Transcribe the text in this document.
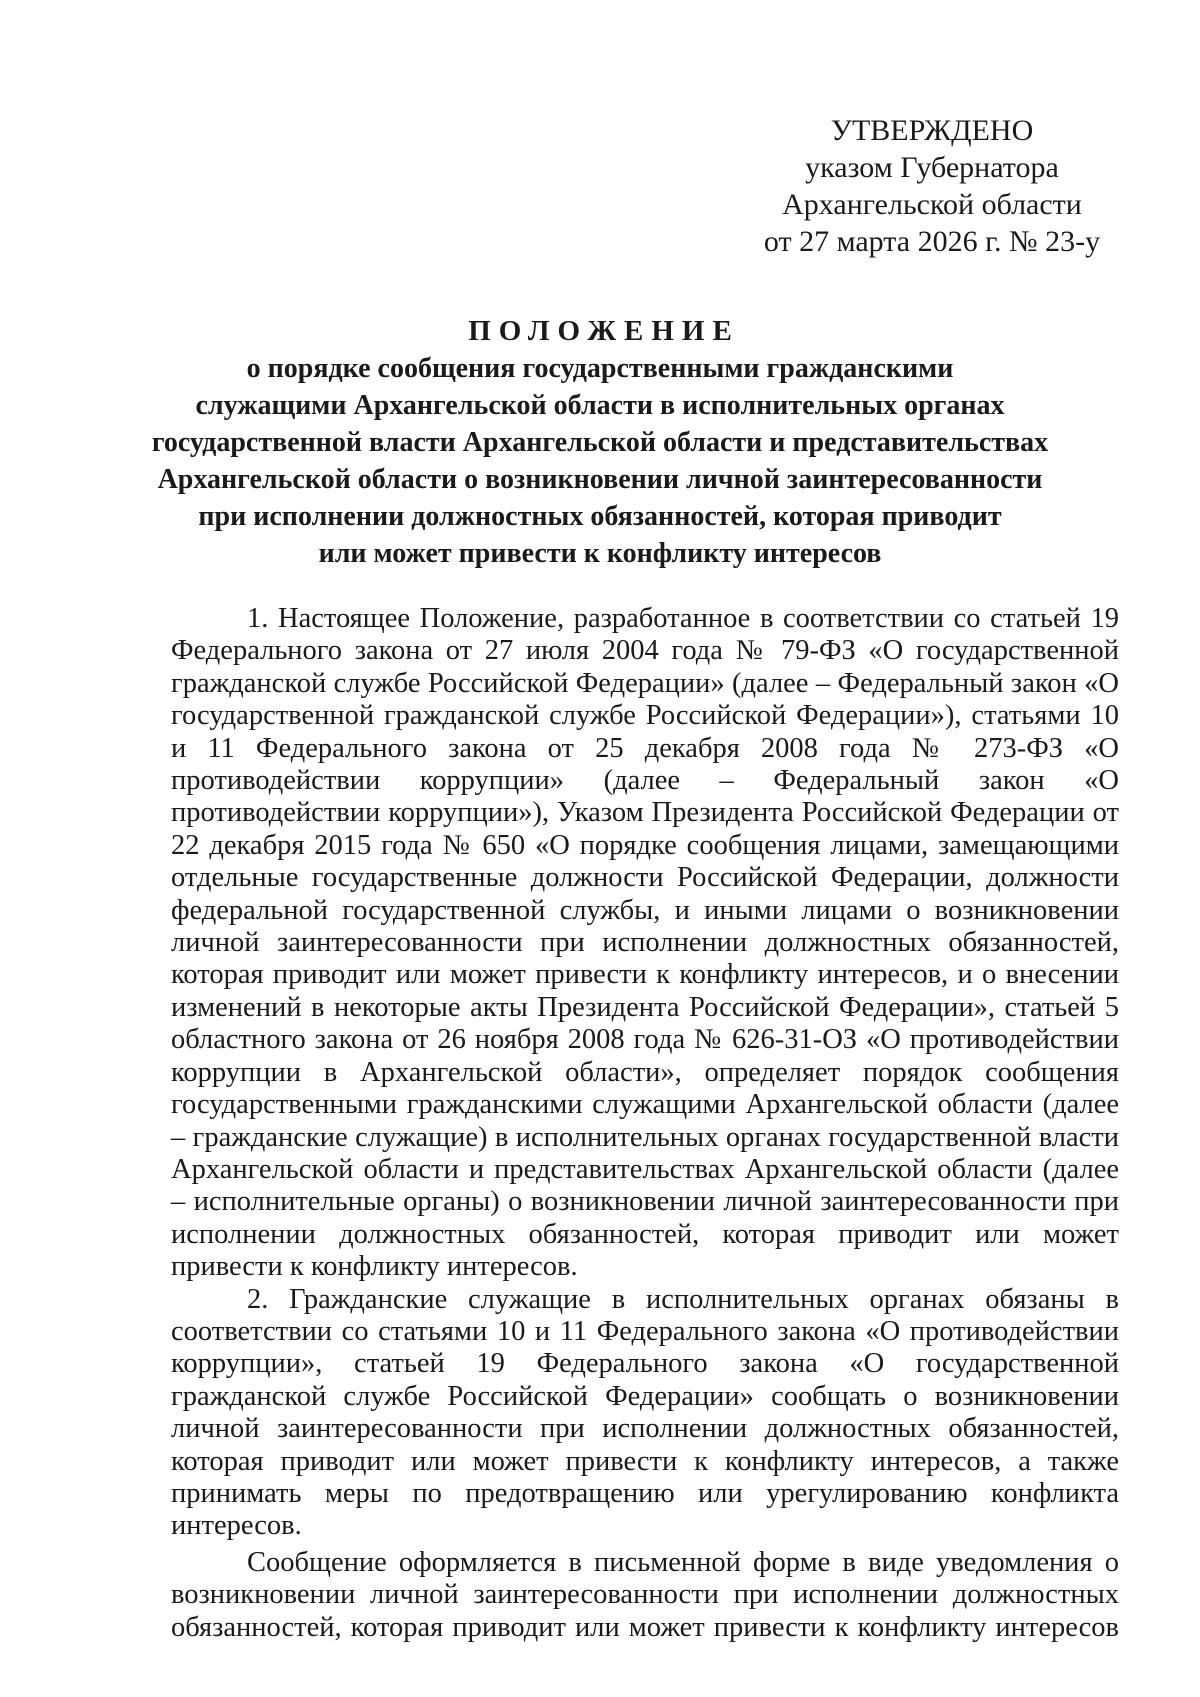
УТВЕРЖДЕНО
указом Губернатора
Архангельской области
от 27 марта 2026 г. № 23-у
ПОЛОЖЕНИЕ
о порядке сообщения государственными гражданскими
служащими Архангельской области в исполнительных органах
государственной власти Архангельской области и представительствах
Архангельской области о возникновении личной заинтересованности
при исполнении должностных обязанностей, которая приводит
или может привести к конфликту интересов

1. Настоящее Положение, разработанное в соответствии со статьей 19 Федерального закона от 27 июля 2004 года № 79-ФЗ «О государственной гражданской службе Российской Федерации» (далее – Федеральный закон «О государственной гражданской службе Российской Федерации»), статьями 10 и 11 Федерального закона от 25 декабря 2008 года № 273-ФЗ «О противодействии коррупции» (далее – Федеральный закон «О противодействии коррупции»), Указом Президента Российской Федерации от 22 декабря 2015 года № 650 «О порядке сообщения лицами, замещающими отдельные государственные должности Российской Федерации, должности федеральной государственной службы, и иными лицами о возникновении личной заинтересованности при исполнении должностных обязанностей, которая приводит или может привести к конфликту интересов, и о внесении изменений в некоторые акты Президента Российской Федерации», статьей 5 областного закона от 26 ноября 2008 года № 626-31-ОЗ «О противодействии коррупции в Архангельской области», определяет порядок сообщения государственными гражданскими служащими Архангельской области (далее – гражданские служащие) в исполнительных органах государственной власти Архангельской области и представительствах Архангельской области (далее – исполнительные органы) о возникновении личной заинтересованности при исполнении должностных обязанностей, которая приводит или может привести к конфликту интересов.

2. Гражданские служащие в исполнительных органах обязаны в соответствии со статьями 10 и 11 Федерального закона «О противодействии коррупции», статьей 19 Федерального закона «О государственной гражданской службе Российской Федерации» сообщать о возникновении личной заинтересованности при исполнении должностных обязанностей, которая приводит или может привести к конфликту интересов, а также принимать меры по предотвращению или урегулированию конфликта интересов.

Сообщение оформляется в письменной форме в виде уведомления о возникновении личной заинтересованности при исполнении должностных обязанностей, которая приводит или может привести к конфликту интересов
